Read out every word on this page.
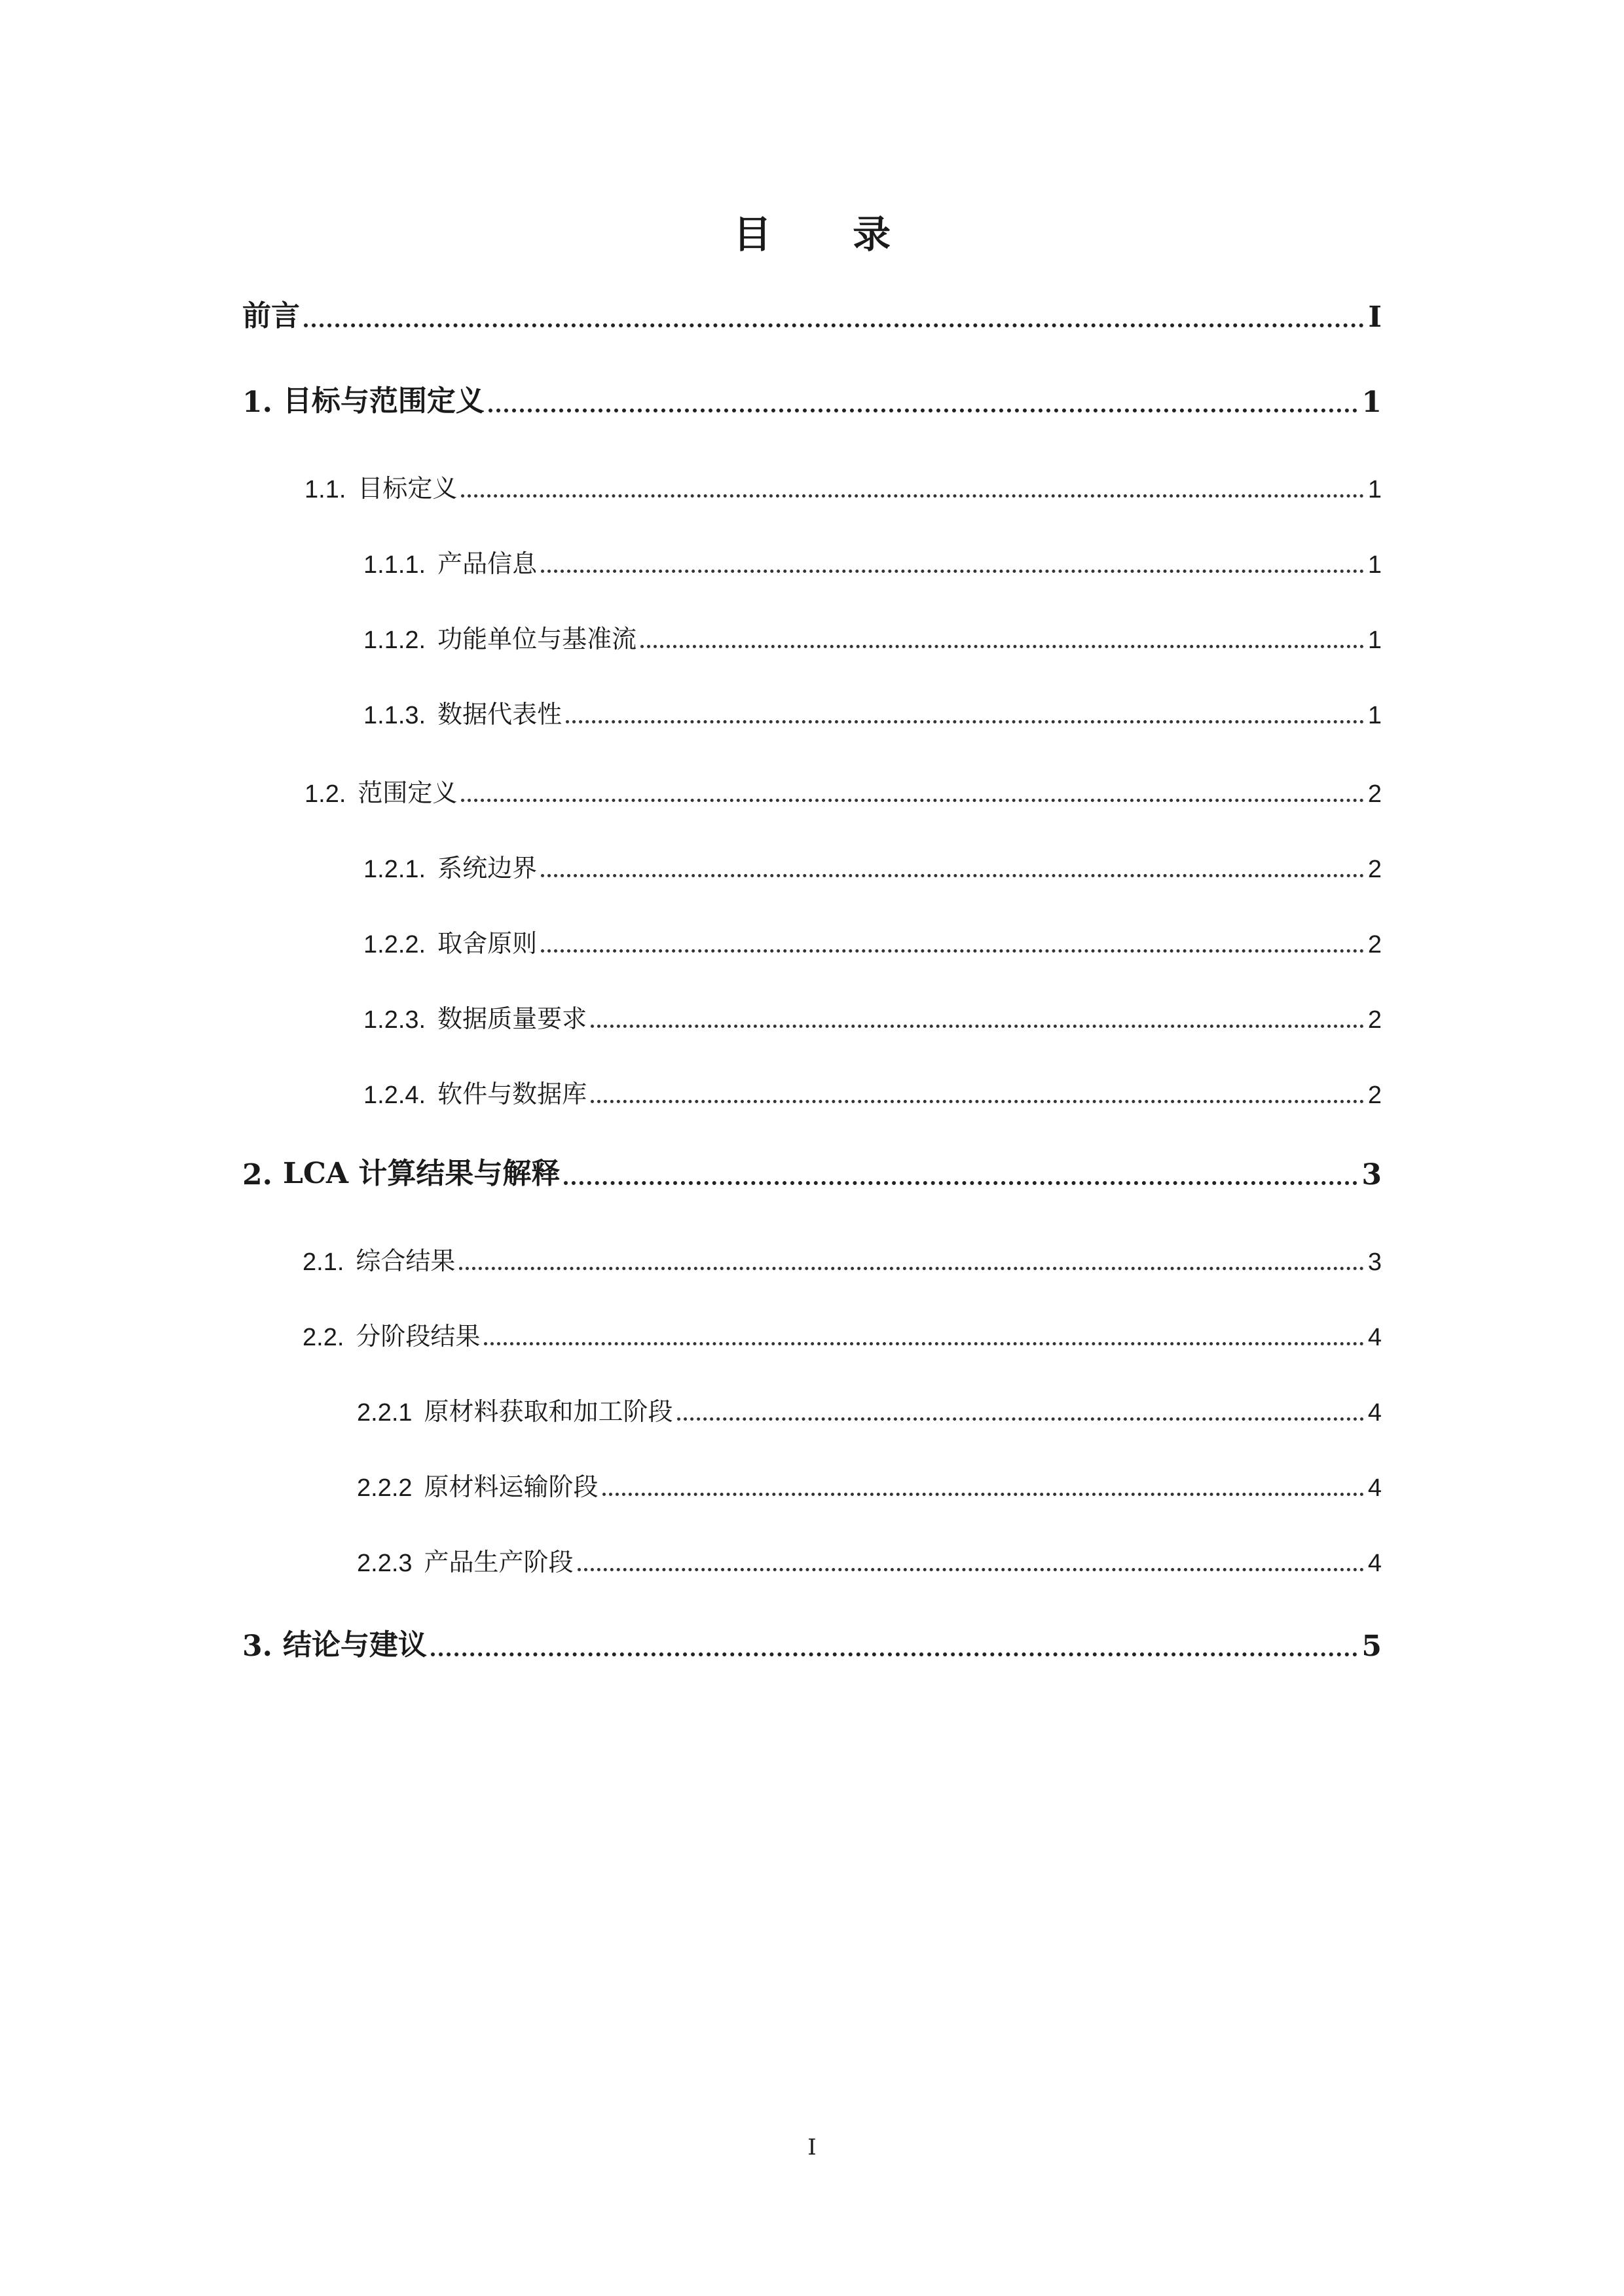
目 录
前言	I
1. 目标与范围定义	1
1.1. 目标定义	1
1.1.1. 产品信息	1
1.1.2. 功能单位与基准流	1
1.1.3. 数据代表性	1
1.2. 范围定义	2
1.2.1. 系统边界	2
1.2.2. 取舍原则	2
1.2.3. 数据质量要求	2
1.2.4. 软件与数据库	2
2. LCA 计算结果与解释	3
2.1. 综合结果	3
2.2. 分阶段结果	4
2.2.1 原材料获取和加工阶段	4
2.2.2 原材料运输阶段	4
2.2.3 产品生产阶段	4
3. 结论与建议	5
I
